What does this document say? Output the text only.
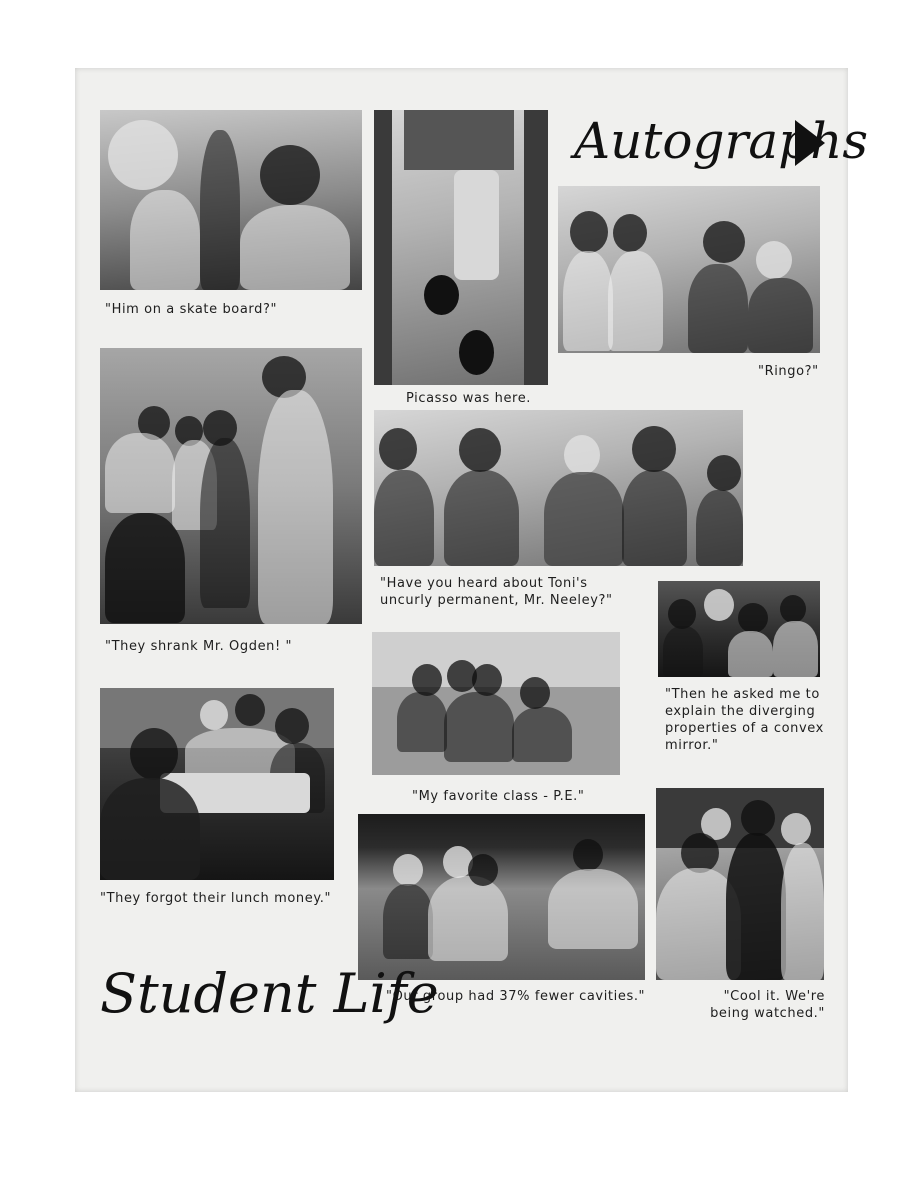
"Him on a skate board?"
Picasso was here.
Autographs
"Ringo?"
"They shrank Mr. Ogden! "
"Have you heard about Toni's uncurly permanent, Mr. Neeley?"
"Then he asked me to explain the diverging properties of a convex mirror."
"My favorite class - P.E."
"They forgot their lunch money."
"Our group had 37% fewer cavities."	"Cool it. We're being watched."
Student Life
